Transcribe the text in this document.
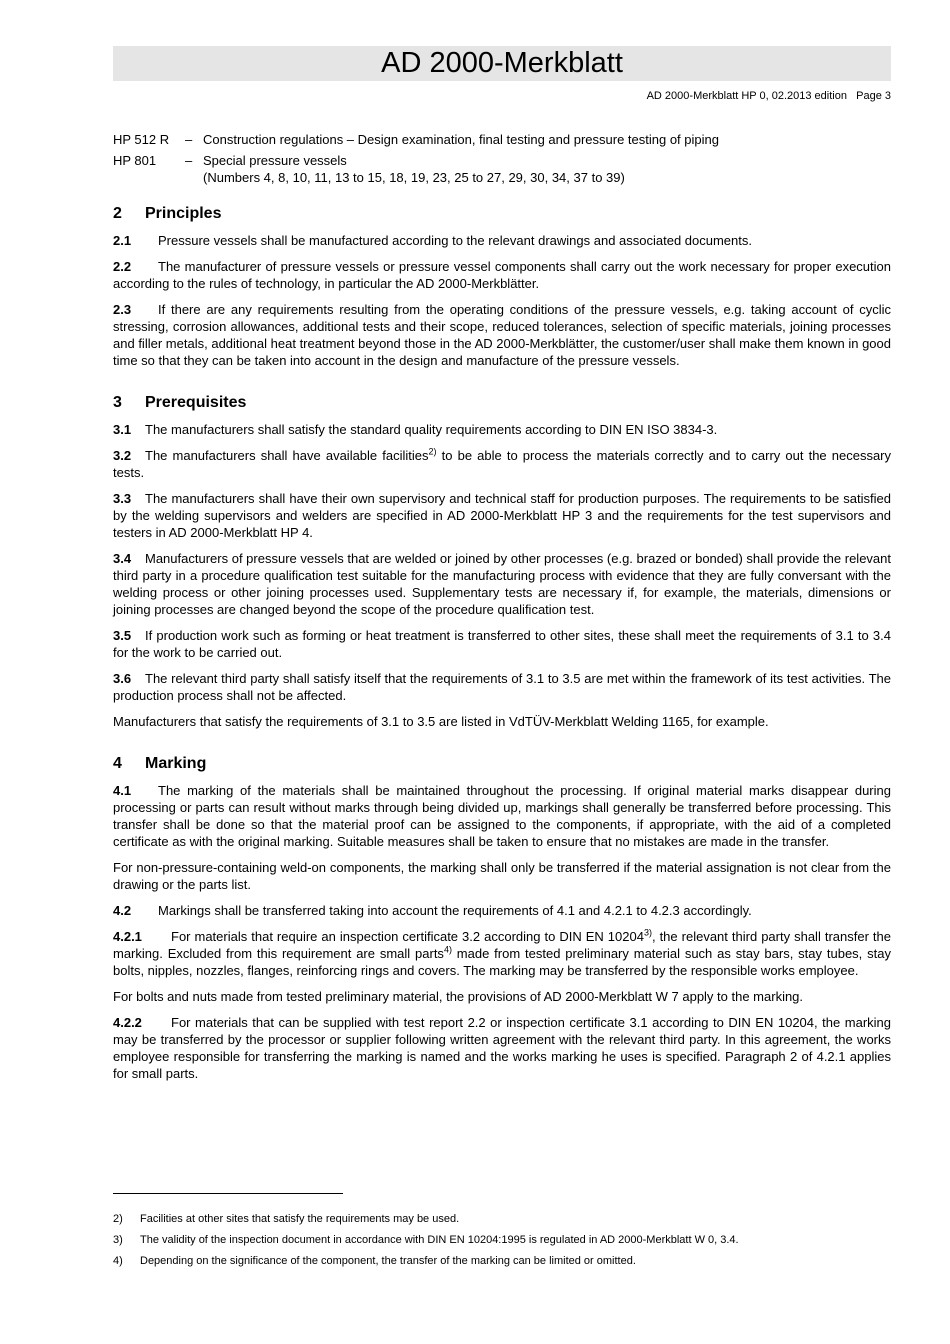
AD 2000-Merkblatt
AD 2000-Merkblatt HP 0, 02.2013 edition   Page 3
HP 512 R	– Construction regulations – Design examination, final testing and pressure testing of piping
HP 801	– Special pressure vessels
(Numbers 4, 8, 10, 11, 13 to 15, 18, 19, 23, 25 to 27, 29, 30, 34, 37 to 39)
2 Principles

2.1 Pressure vessels shall be manufactured according to the relevant drawings and associated documents.

2.2 The manufacturer of pressure vessels or pressure vessel components shall carry out the work necessary for proper execution according to the rules of technology, in particular the AD 2000-Merkblätter.

2.3 If there are any requirements resulting from the operating conditions of the pressure vessels, e.g. taking account of cyclic stressing, corrosion allowances, additional tests and their scope, reduced tolerances, selection of specific materials, joining processes and filler metals, additional heat treatment beyond those in the AD 2000-Merkblätter, the customer/user shall make them known in good time so that they can be taken into account in the design and manufacture of the pressure vessels.

3 Prerequisites

3.1 The manufacturers shall satisfy the standard quality requirements according to DIN EN ISO 3834-3.

3.2 The manufacturers shall have available facilities$^{2)}$ to be able to process the materials correctly and to carry out the necessary tests.

3.3 The manufacturers shall have their own supervisory and technical staff for production purposes. The requirements to be satisfied by the welding supervisors and welders are specified in AD 2000-Merkblatt HP 3 and the requirements for the test supervisors and testers in AD 2000-Merkblatt HP 4.

3.4 Manufacturers of pressure vessels that are welded or joined by other processes (e.g. brazed or bonded) shall provide the relevant third party in a procedure qualification test suitable for the manufacturing process with evidence that they are fully conversant with the welding process or other joining processes used. Supplementary tests are necessary if, for example, the materials, dimensions or joining processes are changed beyond the scope of the procedure qualification test.

3.5 If production work such as forming or heat treatment is transferred to other sites, these shall meet the requirements of 3.1 to 3.4 for the work to be carried out.

3.6 The relevant third party shall satisfy itself that the requirements of 3.1 to 3.5 are met within the framework of its test activities. The production process shall not be affected.

Manufacturers that satisfy the requirements of 3.1 to 3.5 are listed in VdTÜV-Merkblatt Welding 1165, for example.

4 Marking

4.1 The marking of the materials shall be maintained throughout the processing. If original material marks disappear during processing or parts can result without marks through being divided up, markings shall generally be transferred before processing. This transfer shall be done so that the material proof can be assigned to the components, if appropriate, with the aid of a completed certificate as with the original marking. Suitable measures shall be taken to ensure that no mistakes are made in the transfer.

For non-pressure-containing weld-on components, the marking shall only be transferred if the material assignation is not clear from the drawing or the parts list.

4.2 Markings shall be transferred taking into account the requirements of 4.1 and 4.2.1 to 4.2.3 accordingly.

4.2.1 For materials that require an inspection certificate 3.2 according to DIN EN 10204$^{3)}$, the relevant third party shall transfer the marking. Excluded from this requirement are small parts$^{4)}$ made from tested preliminary material such as stay bars, stay tubes, stay bolts, nipples, nozzles, flanges, reinforcing rings and covers. The marking may be transferred by the responsible works employee.

For bolts and nuts made from tested preliminary material, the provisions of AD 2000-Merkblatt W 7 apply to the marking.

4.2.2 For materials that can be supplied with test report 2.2 or inspection certificate 3.1 according to DIN EN 10204, the marking may be transferred by the processor or supplier following written agreement with the relevant third party. In this agreement, the works employee responsible for transferring the marking is named and the works marking he uses is specified. Paragraph 2 of 4.2.1 applies for small parts.

2)	Facilities at other sites that satisfy the requirements may be used.
3)	The validity of the inspection document in accordance with DIN EN 10204:1995 is regulated in AD 2000-Merkblatt W 0, 3.4.
4)	Depending on the significance of the component, the transfer of the marking can be limited or omitted.
